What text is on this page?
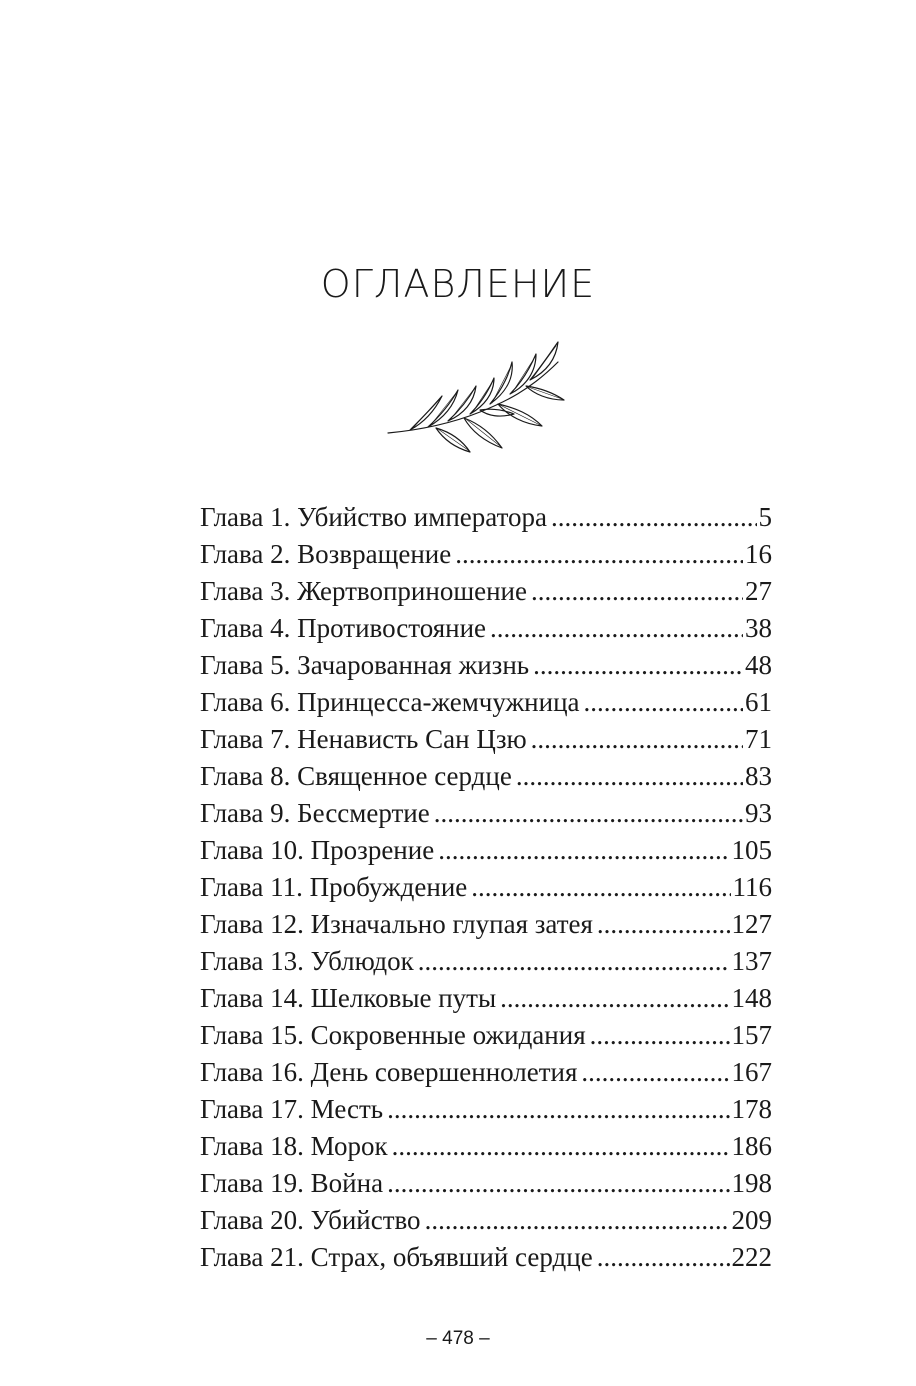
ОГЛАВЛЕНИЕ
Глава 1. Убийство императора .....	5
Глава 2. Возвращение .....	16
Глава 3. Жертвоприношение .....	27
Глава 4. Противостояние .....	38
Глава 5. Зачарованная жизнь .....	48
Глава 6. Принцесса-жемчужница .....	61
Глава 7. Ненависть Сан Цзю .....	71
Глава 8. Священное сердце .....	83
Глава 9. Бессмертие .....	93
Глава 10. Прозрение .....	105
Глава 11. Пробуждение .....	116
Глава 12. Изначально глупая затея .....	127
Глава 13. Ублюдок .....	137
Глава 14. Шелковые путы .....	148
Глава 15. Сокровенные ожидания .....	157
Глава 16. День совершеннолетия .....	167
Глава 17. Месть .....	178
Глава 18. Морок .....	186
Глава 19. Война .....	198
Глава 20. Убийство .....	209
Глава 21. Страх, объявший сердце .....	222
– 478 –
